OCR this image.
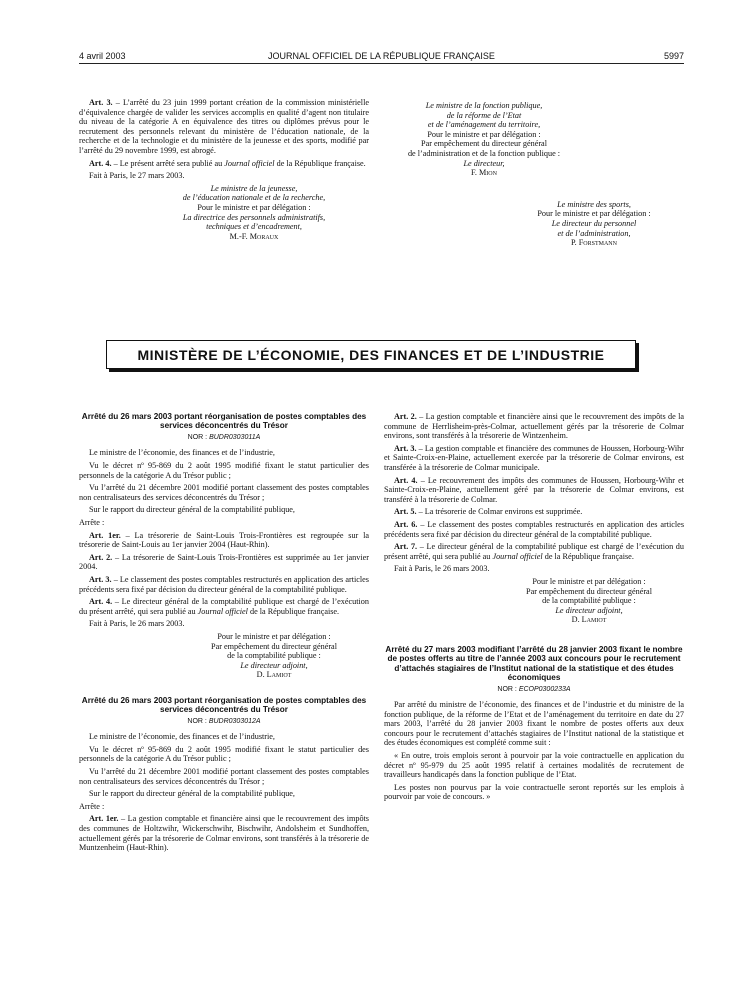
4 avril 2003	JOURNAL OFFICIEL DE LA RÉPUBLIQUE FRANÇAISE	5997

Art. 3. – L’arrêté du 23 juin 1999 portant création de la commission ministérielle d’équivalence chargée de valider les services accomplis en qualité d’agent non titulaire du niveau de la catégorie A en équivalence des titres ou diplômes prévus pour le recrutement des personnels relevant du ministère de l’éducation nationale, de la recherche et de la technologie et du ministère de la jeunesse et des sports, modifié par l’arrêté du 29 novembre 1999, est abrogé.

Art. 4. – Le présent arrêté sera publié au Journal officiel de la République française.

Fait à Paris, le 27 mars 2003.

Le ministre de la jeunesse,
de l’éducation nationale et de la recherche,
Pour le ministre et par délégation :
La directrice des personnels administratifs,
techniques et d’encadrement,
M.-F. Moraux
Le ministre de la fonction publique,
de la réforme de l’Etat
et de l’aménagement du territoire,
Pour le ministre et par délégation :
Par empêchement du directeur général
de l’administration et de la fonction publique :
Le directeur,
F. Mion
Le ministre des sports,
Pour le ministre et par délégation :
Le directeur du personnel
et de l’administration,
P. Forstmann
MINISTÈRE DE L’ÉCONOMIE, DES FINANCES ET DE L’INDUSTRIE
Arrêté du 26 mars 2003 portant réorganisation de postes comptables des services déconcentrés du Trésor
NOR : BUDR0303011A

Le ministre de l’économie, des finances et de l’industrie,

Vu le décret nº 95-869 du 2 août 1995 modifié fixant le statut particulier des personnels de la catégorie A du Trésor public ;

Vu l’arrêté du 21 décembre 2001 modifié portant classement des postes comptables non centralisateurs des services déconcentrés du Trésor ;

Sur le rapport du directeur général de la comptabilité publique,

Arrête :

Art. 1er. – La trésorerie de Saint-Louis Trois-Frontières est regroupée sur la trésorerie de Saint-Louis au 1er janvier 2004 (Haut-Rhin).

Art. 2. – La trésorerie de Saint-Louis Trois-Frontières est supprimée au 1er janvier 2004.

Art. 3. – Le classement des postes comptables restructurés en application des articles précédents sera fixé par décision du directeur général de la comptabilité publique.

Art. 4. – Le directeur général de la comptabilité publique est chargé de l’exécution du présent arrêté, qui sera publié au Journal officiel de la République française.

Fait à Paris, le 26 mars 2003.

Pour le ministre et par délégation :
Par empêchement du directeur général
de la comptabilité publique :
Le directeur adjoint,
D. Lamiot
Arrêté du 26 mars 2003 portant réorganisation de postes comptables des services déconcentrés du Trésor
NOR : BUDR0303012A

Le ministre de l’économie, des finances et de l’industrie,

Vu le décret nº 95-869 du 2 août 1995 modifié fixant le statut particulier des personnels de la catégorie A du Trésor public ;

Vu l’arrêté du 21 décembre 2001 modifié portant classement des postes comptables non centralisateurs des services déconcentrés du Trésor ;

Sur le rapport du directeur général de la comptabilité publique,

Arrête :

Art. 1er. – La gestion comptable et financière ainsi que le recouvrement des impôts des communes de Holtzwihr, Wickerschwihr, Bischwihr, Andolsheim et Sundhoffen, actuellement gérés par la trésorerie de Colmar environs, sont transférés à la trésorerie de Muntzenheim (Haut-Rhin).

Art. 2. – La gestion comptable et financière ainsi que le recouvrement des impôts de la commune de Herrlisheim-près-Colmar, actuellement gérés par la trésorerie de Colmar environs, sont transférés à la trésorerie de Wintzenheim.

Art. 3. – La gestion comptable et financière des communes de Houssen, Horbourg-Wihr et Sainte-Croix-en-Plaine, actuellement exercée par la trésorerie de Colmar environs, est transférée à la trésorerie de Colmar municipale.

Art. 4. – Le recouvrement des impôts des communes de Houssen, Horbourg-Wihr et Sainte-Croix-en-Plaine, actuellement géré par la trésorerie de Colmar environs, est transféré à la trésorerie de Colmar.

Art. 5. – La trésorerie de Colmar environs est supprimée.

Art. 6. – Le classement des postes comptables restructurés en application des articles précédents sera fixé par décision du directeur général de la comptabilité publique.

Art. 7. – Le directeur général de la comptabilité publique est chargé de l’exécution du présent arrêté, qui sera publié au Journal officiel de la République française.

Fait à Paris, le 26 mars 2003.

Pour le ministre et par délégation :
Par empêchement du directeur général
de la comptabilité publique :
Le directeur adjoint,
D. Lamiot
Arrêté du 27 mars 2003 modifiant l’arrêté du 28 janvier 2003 fixant le nombre de postes offerts au titre de l’année 2003 aux concours pour le recrutement d’attachés stagiaires de l’Institut national de la statistique et des études économiques
NOR : ECOP0300233A

Par arrêté du ministre de l’économie, des finances et de l’industrie et du ministre de la fonction publique, de la réforme de l’Etat et de l’aménagement du territoire en date du 27 mars 2003, l’arrêté du 28 janvier 2003 fixant le nombre de postes offerts aux deux concours pour le recrutement d’attachés stagiaires de l’Institut national de la statistique et des études économiques est complété comme suit :

« En outre, trois emplois seront à pourvoir par la voie contractuelle en application du décret nº 95-979 du 25 août 1995 relatif à certaines modalités de recrutement de travailleurs handicapés dans la fonction publique de l’Etat.

Les postes non pourvus par la voie contractuelle seront reportés sur les emplois à pourvoir par voie de concours. »
